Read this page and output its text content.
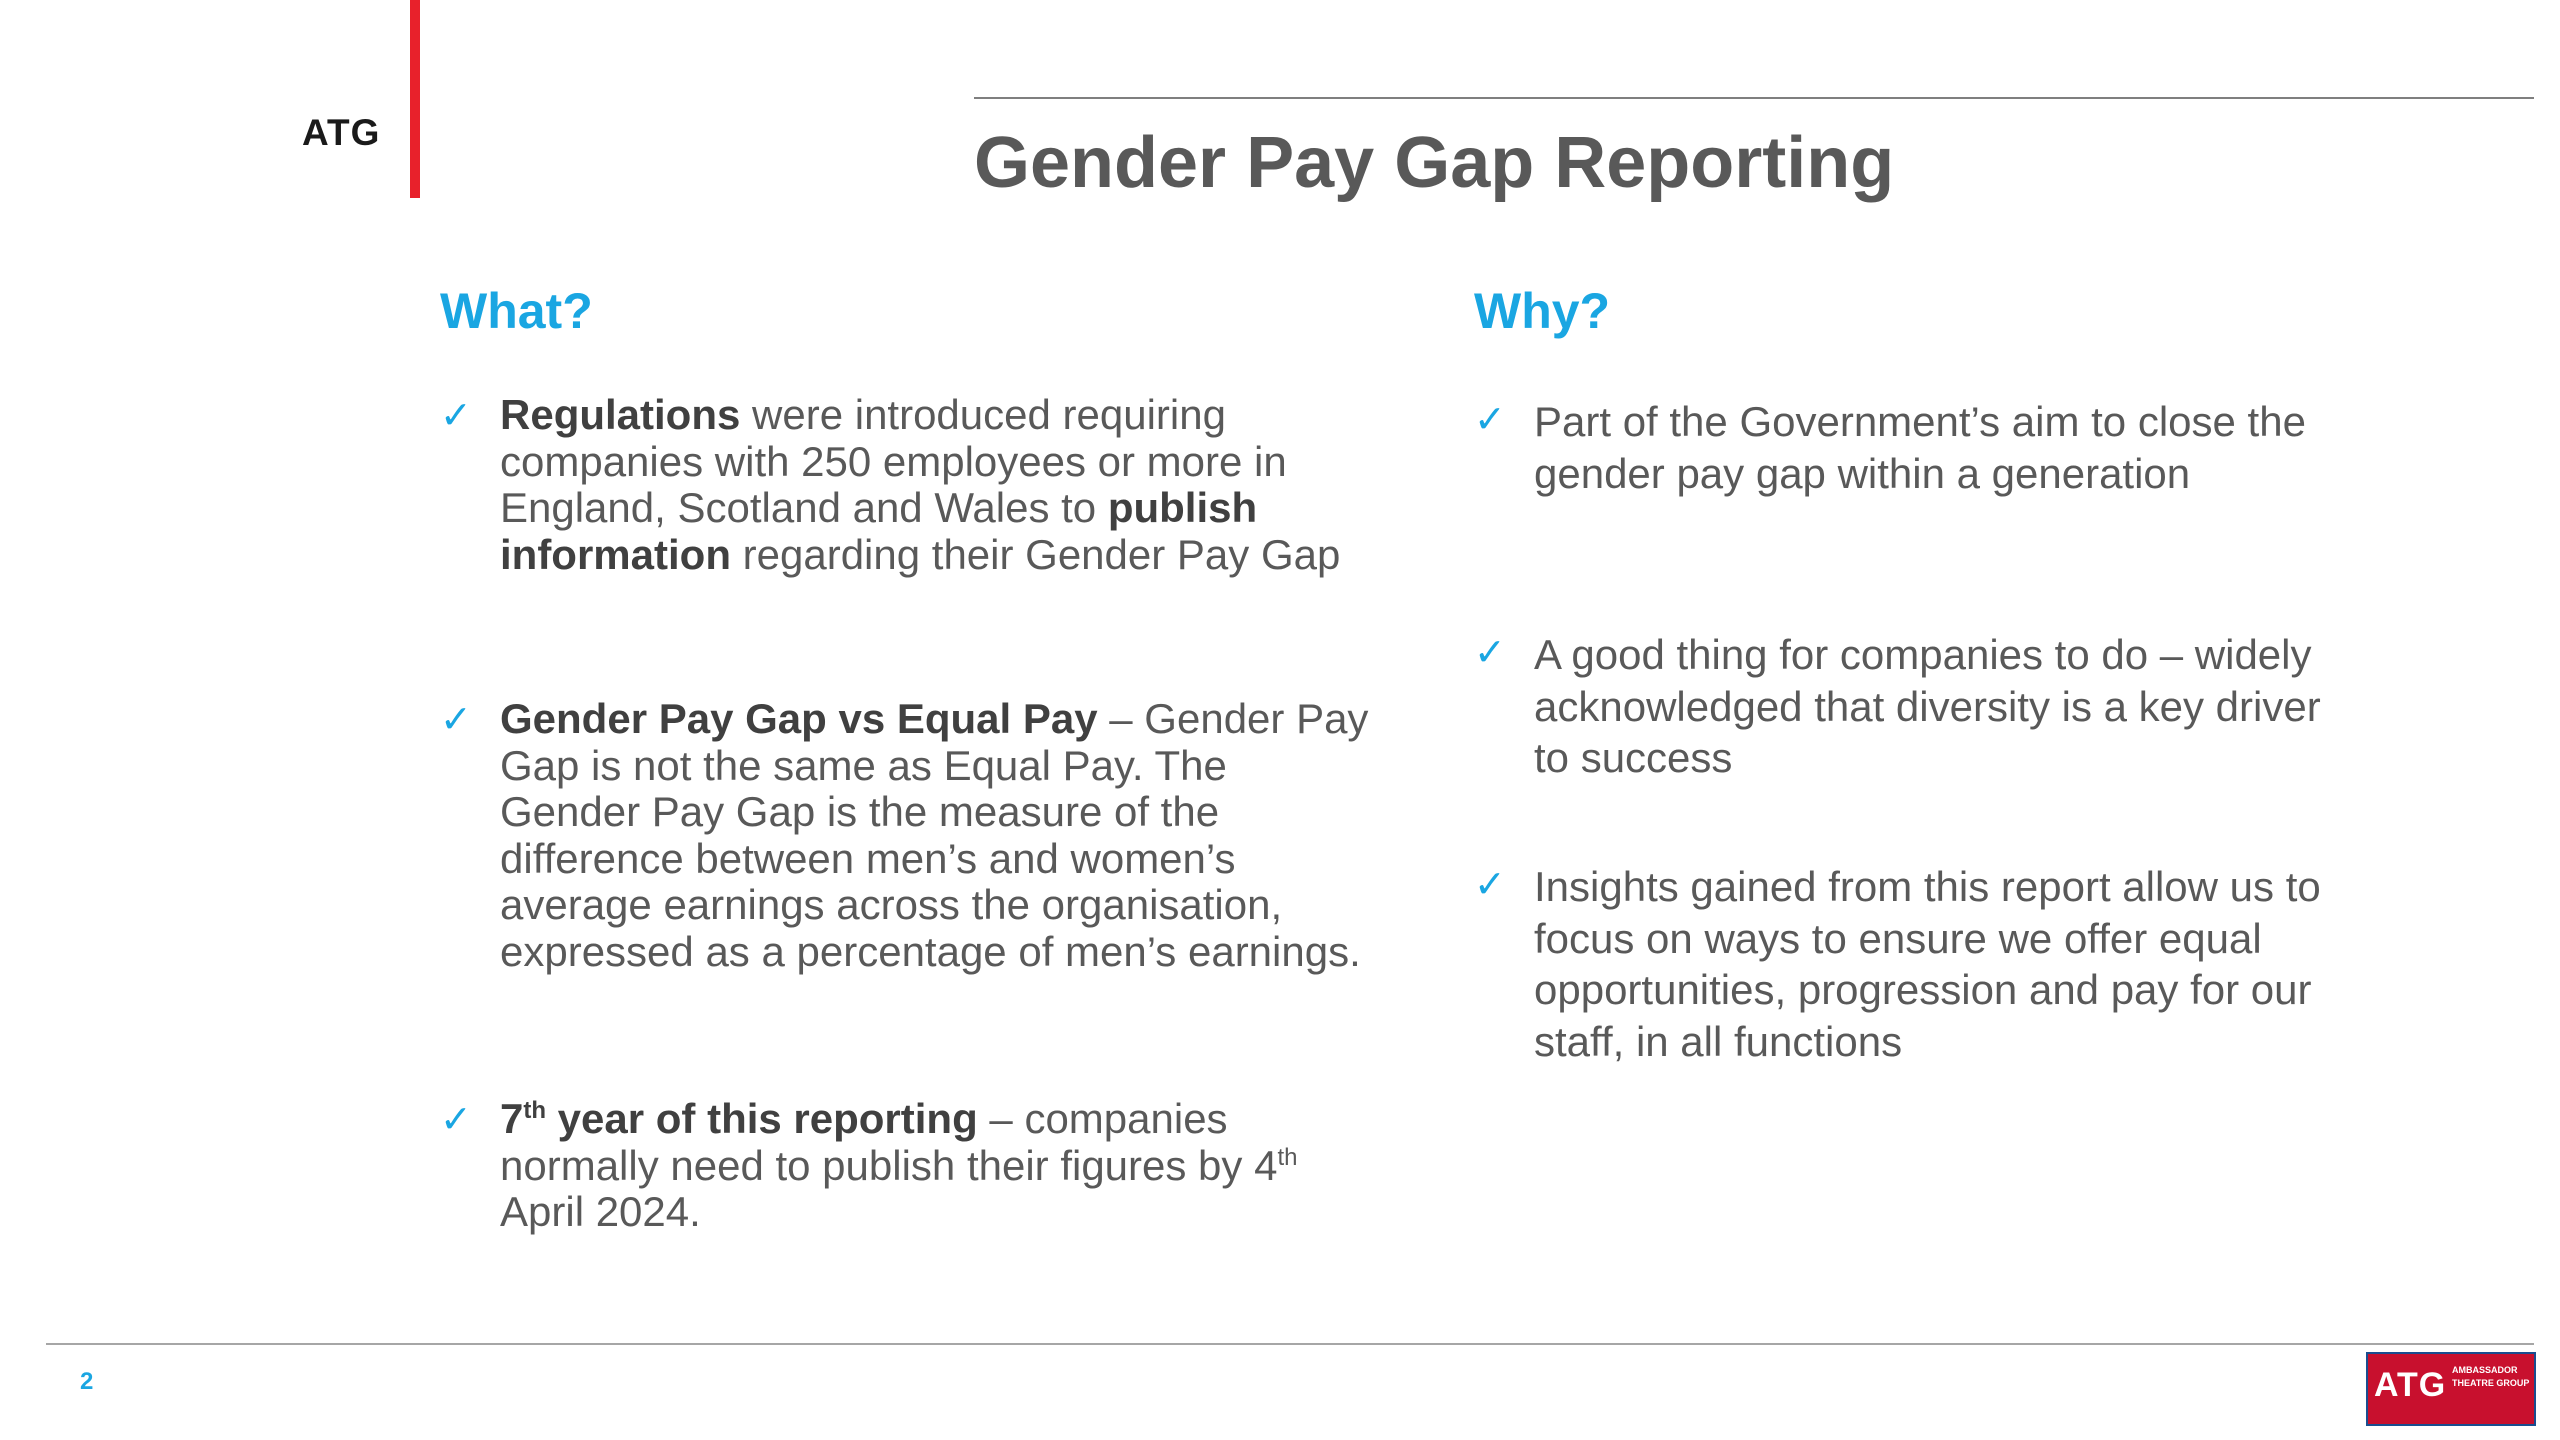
ATG	Gender Pay Gap Reporting
What?
✓ Regulations were introduced requiring companies with 250 employees or more in England, Scotland and Wales to publish information regarding their Gender Pay Gap
✓ Gender Pay Gap vs Equal Pay – Gender Pay Gap is not the same as Equal Pay. The Gender Pay Gap is the measure of the difference between men’s and women’s average earnings across the organisation, expressed as a percentage of men’s earnings.
✓ 7th year of this reporting – companies normally need to publish their figures by 4th April 2024.
Why?
✓ Part of the Government’s aim to close the gender pay gap within a generation
✓ A good thing for companies to do – widely acknowledged that diversity is a key driver to success
✓ Insights gained from this report allow us to focus on ways to ensure we offer equal opportunities, progression and pay for our staff, in all functions
2	ATG AMBASSADOR THEATRE GROUP
